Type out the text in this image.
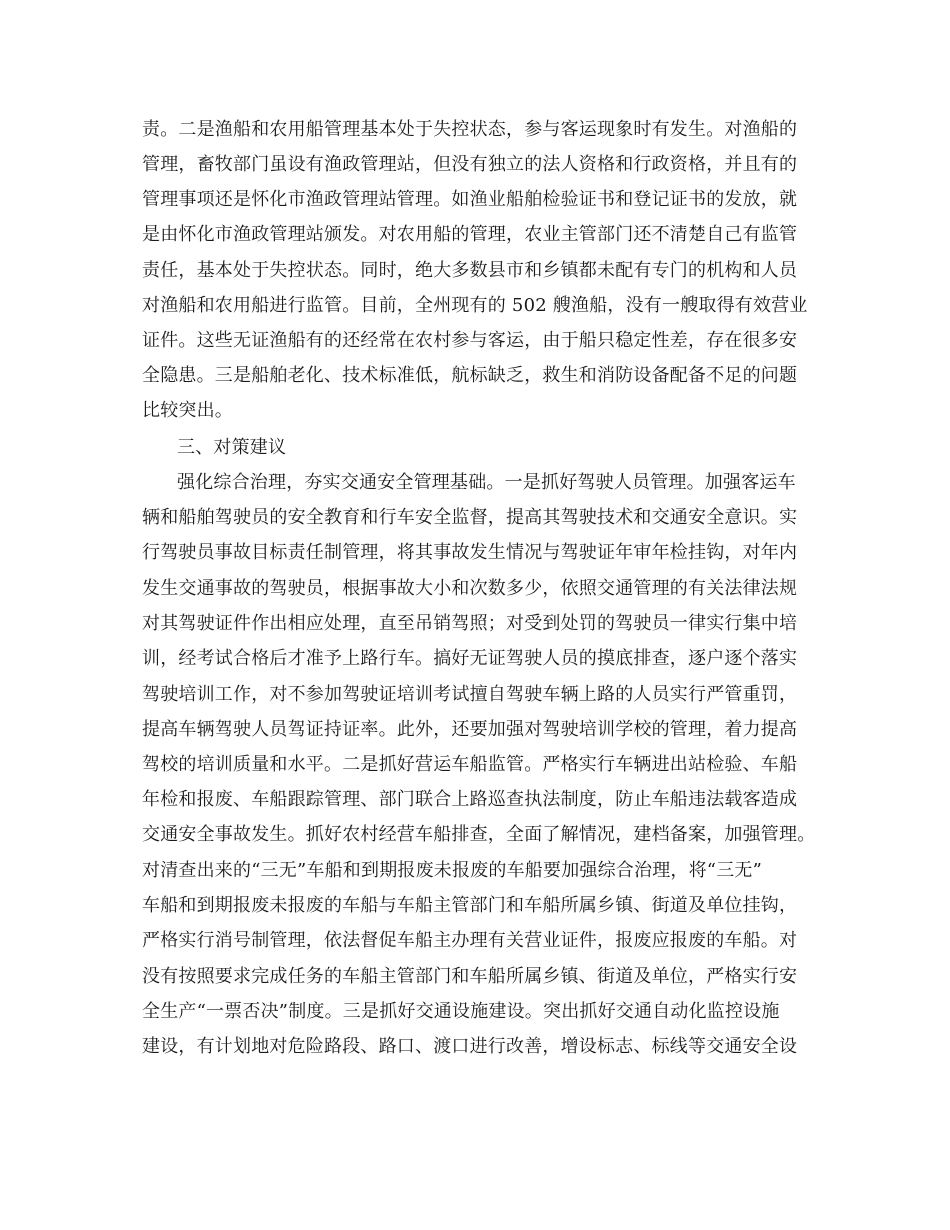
责。二是渔船和农用船管理基本处于失控状态，参与客运现象时有发生。对渔船的
管理，畜牧部门虽设有渔政管理站，但没有独立的法人资格和行政资格，并且有的
管理事项还是怀化市渔政管理站管理。如渔业船舶检验证书和登记证书的发放，就
是由怀化市渔政管理站颁发。对农用船的管理，农业主管部门还不清楚自己有监管
责任，基本处于失控状态。同时，绝大多数县市和乡镇都未配有专门的机构和人员
对渔船和农用船进行监管。目前，全州现有的 502 艘渔船，没有一艘取得有效营业
证件。这些无证渔船有的还经常在农村参与客运，由于船只稳定性差，存在很多安
全隐患。三是船舶老化、技术标准低，航标缺乏，救生和消防设备配备不足的问题
比较突出。
三、对策建议
强化综合治理，夯实交通安全管理基础。一是抓好驾驶人员管理。加强客运车
辆和船舶驾驶员的安全教育和行车安全监督，提高其驾驶技术和交通安全意识。实
行驾驶员事故目标责任制管理，将其事故发生情况与驾驶证年审年检挂钩，对年内
发生交通事故的驾驶员，根据事故大小和次数多少，依照交通管理的有关法律法规
对其驾驶证件作出相应处理，直至吊销驾照；对受到处罚的驾驶员一律实行集中培
训，经考试合格后才准予上路行车。搞好无证驾驶人员的摸底排查，逐户逐个落实
驾驶培训工作，对不参加驾驶证培训考试擅自驾驶车辆上路的人员实行严管重罚，
提高车辆驾驶人员驾证持证率。此外，还要加强对驾驶培训学校的管理，着力提高
驾校的培训质量和水平。二是抓好营运车船监管。严格实行车辆进出站检验、车船
年检和报废、车船跟踪管理、部门联合上路巡查执法制度，防止车船违法载客造成
交通安全事故发生。抓好农村经营车船排查，全面了解情况，建档备案，加强管理。
对清查出来的“三无”车船和到期报废未报废的车船要加强综合治理，将“三无”
车船和到期报废未报废的车船与车船主管部门和车船所属乡镇、街道及单位挂钩，
严格实行消号制管理，依法督促车船主办理有关营业证件，报废应报废的车船。对
没有按照要求完成任务的车船主管部门和车船所属乡镇、街道及单位，严格实行安
全生产“一票否决”制度。三是抓好交通设施建设。突出抓好交通自动化监控设施
建设，有计划地对危险路段、路口、渡口进行改善，增设标志、标线等交通安全设
